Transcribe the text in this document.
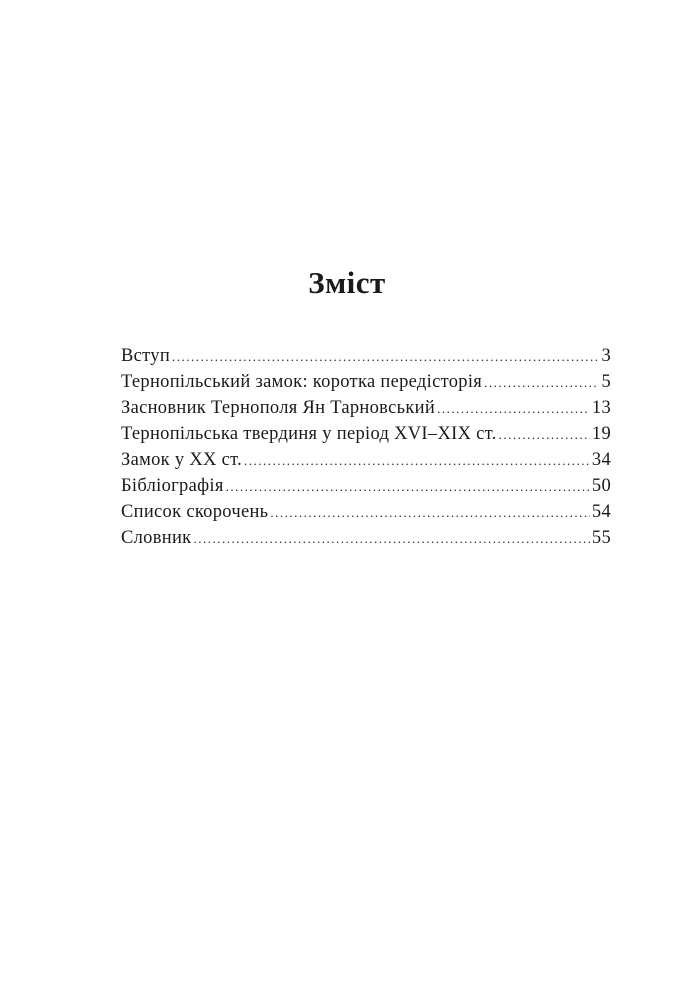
Зміст
Вступ .....	3
Тернопільський замок: коротка передісторія .....	5
Засновник Тернополя Ян Тарновський .....	13
Тернопільська твердиня у період XVI–XIX ст. .....	19
Замок у XX ст. .....	34
Бібліографія .....	50
Список скорочень .....	54
Словник .....	55
